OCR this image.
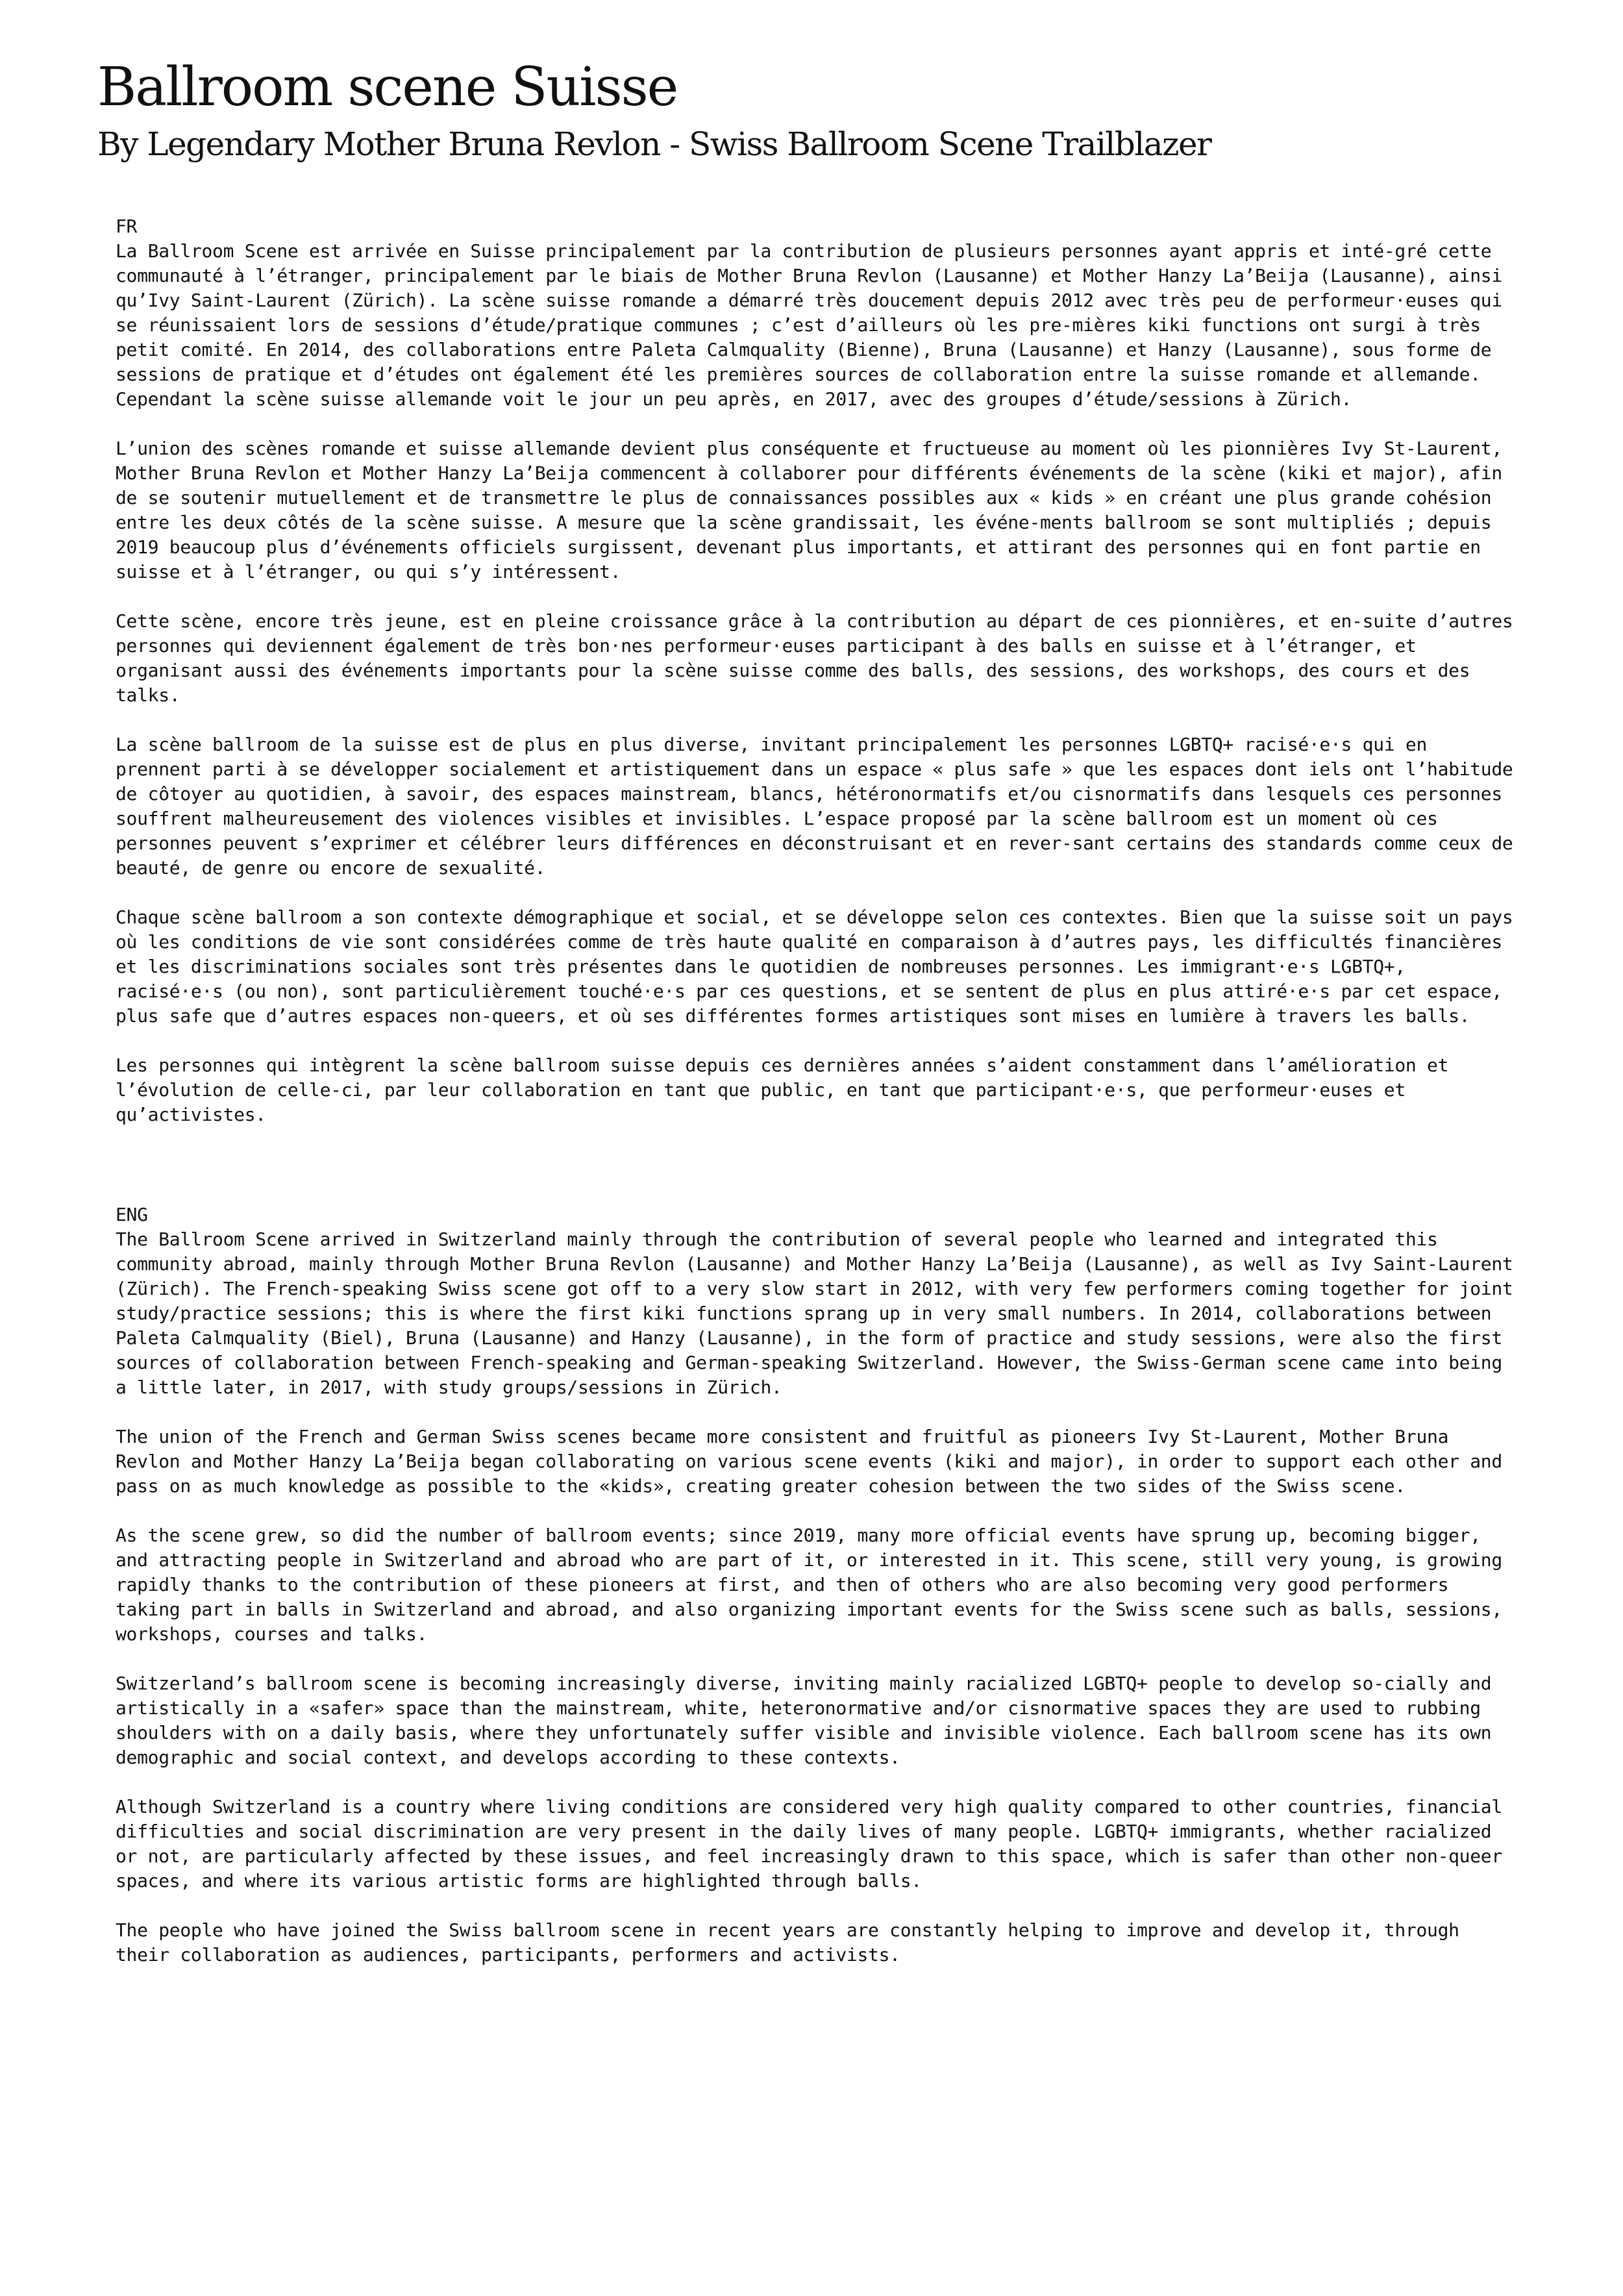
Ballroom scene Suisse
By Legendary Mother Bruna Revlon - Swiss Ballroom Scene Trailblazer

FR

La Ballroom Scene est arrivée en Suisse principalement par la contribution de plusieurs personnes ayant appris et inté-gré cette communauté à l’étranger, principalement par le biais de Mother Bruna Revlon (Lausanne) et Mother Hanzy La’Beija (Lausanne), ainsi qu’Ivy Saint-Laurent (Zürich). La scène suisse romande a démarré très doucement depuis 2012 avec très peu de performeur·euses qui se réunissaient lors de sessions d’étude/pratique communes ; c’est d’ailleurs où les pre-mières kiki functions ont surgi à très petit comité. En 2014, des collaborations entre Paleta Calmquality (Bienne), Bruna (Lausanne) et Hanzy (Lausanne), sous forme de sessions de pratique et d’études ont également été les premières sources de collaboration entre la suisse romande et allemande. Cependant la scène suisse allemande voit le jour un peu après, en 2017, avec des groupes d’étude/sessions à Zürich.

L’union des scènes romande et suisse allemande devient plus conséquente et fructueuse au moment où les pionnières Ivy St-Laurent, Mother Bruna Revlon et Mother Hanzy La’Beija commencent à collaborer pour différents événements de la scène (kiki et major), afin de se soutenir mutuellement et de transmettre le plus de connaissances possibles aux « kids » en créant une plus grande cohésion entre les deux côtés de la scène suisse. A mesure que la scène grandissait, les événe-ments ballroom se sont multipliés ; depuis 2019 beaucoup plus d’événements officiels surgissent, devenant plus importants, et attirant des personnes qui en font partie en suisse et à l’étranger, ou qui s’y intéressent.

Cette scène, encore très jeune, est en pleine croissance grâce à la contribution au départ de ces pionnières, et en-suite d’autres personnes qui deviennent également de très bon·nes performeur·euses participant à des balls en suisse et à l’étranger, et organisant aussi des événements importants pour la scène suisse comme des balls, des sessions, des workshops, des cours et des talks.

La scène ballroom de la suisse est de plus en plus diverse, invitant principalement les personnes LGBTQ+ racisé·e·s qui en prennent parti à se développer socialement et artistiquement dans un espace « plus safe » que les espaces dont iels ont l’habitude de côtoyer au quotidien, à savoir, des espaces mainstream, blancs, hétéronormatifs et/ou cisnormatifs dans lesquels ces personnes souffrent malheureusement des violences visibles et invisibles. L’espace proposé par la scène ballroom est un moment où ces personnes peuvent s’exprimer et célébrer leurs différences en déconstruisant et en rever-sant certains des standards comme ceux de beauté, de genre ou encore de sexualité.

Chaque scène ballroom a son contexte démographique et social, et se développe selon ces contextes. Bien que la suisse soit un pays où les conditions de vie sont considérées comme de très haute qualité en comparaison à d’autres pays, les difficultés financières et les discriminations sociales sont très présentes dans le quotidien de nombreuses personnes. Les immigrant·e·s LGBTQ+, racisé·e·s (ou non), sont particulièrement touché·e·s par ces questions, et se sentent de plus en plus attiré·e·s par cet espace, plus safe que d’autres espaces non-queers, et où ses différentes formes artistiques sont mises en lumière à travers les balls.

Les personnes qui intègrent la scène ballroom suisse depuis ces dernières années s’aident constamment dans l’amélioration et l’évolution de celle-ci, par leur collaboration en tant que public, en tant que participant·e·s, que performeur·euses et qu’activistes.

ENG

The Ballroom Scene arrived in Switzerland mainly through the contribution of several people who learned and integrated this community abroad, mainly through Mother Bruna Revlon (Lausanne) and Mother Hanzy La’Beija (Lausanne), as well as Ivy Saint-Laurent (Zürich). The French-speaking Swiss scene got off to a very slow start in 2012, with very few performers coming together for joint study/practice sessions; this is where the first kiki functions sprang up in very small numbers. In 2014, collaborations between Paleta Calmquality (Biel), Bruna (Lausanne) and Hanzy (Lausanne), in the form of practice and study sessions, were also the first sources of collaboration between French-speaking and German-speaking Switzerland. However, the Swiss-German scene came into being a little later, in 2017, with study groups/sessions in Zürich.

The union of the French and German Swiss scenes became more consistent and fruitful as pioneers Ivy St-Laurent, Mother Bruna Revlon and Mother Hanzy La’Beija began collaborating on various scene events (kiki and major), in order to support each other and pass on as much knowledge as possible to the «kids», creating greater cohesion between the two sides of the Swiss scene.

As the scene grew, so did the number of ballroom events; since 2019, many more official events have sprung up, becoming bigger, and attracting people in Switzerland and abroad who are part of it, or interested in it. This scene, still very young, is growing rapidly thanks to the contribution of these pioneers at first, and then of others who are also becoming very good performers taking part in balls in Switzerland and abroad, and also organizing important events for the Swiss scene such as balls, sessions, workshops, courses and talks.

Switzerland’s ballroom scene is becoming increasingly diverse, inviting mainly racialized LGBTQ+ people to develop so-cially and artistically in a «safer» space than the mainstream, white, heteronormative and/or cisnormative spaces they are used to rubbing shoulders with on a daily basis, where they unfortunately suffer visible and invisible violence. Each ballroom scene has its own demographic and social context, and develops according to these contexts.

Although Switzerland is a country where living conditions are considered very high quality compared to other countries, financial difficulties and social discrimination are very present in the daily lives of many people. LGBTQ+ immigrants, whether racialized or not, are particularly affected by these issues, and feel increasingly drawn to this space, which is safer than other non-queer spaces, and where its various artistic forms are highlighted through balls.

The people who have joined the Swiss ballroom scene in recent years are constantly helping to improve and develop it, through their collaboration as audiences, participants, performers and activists.
